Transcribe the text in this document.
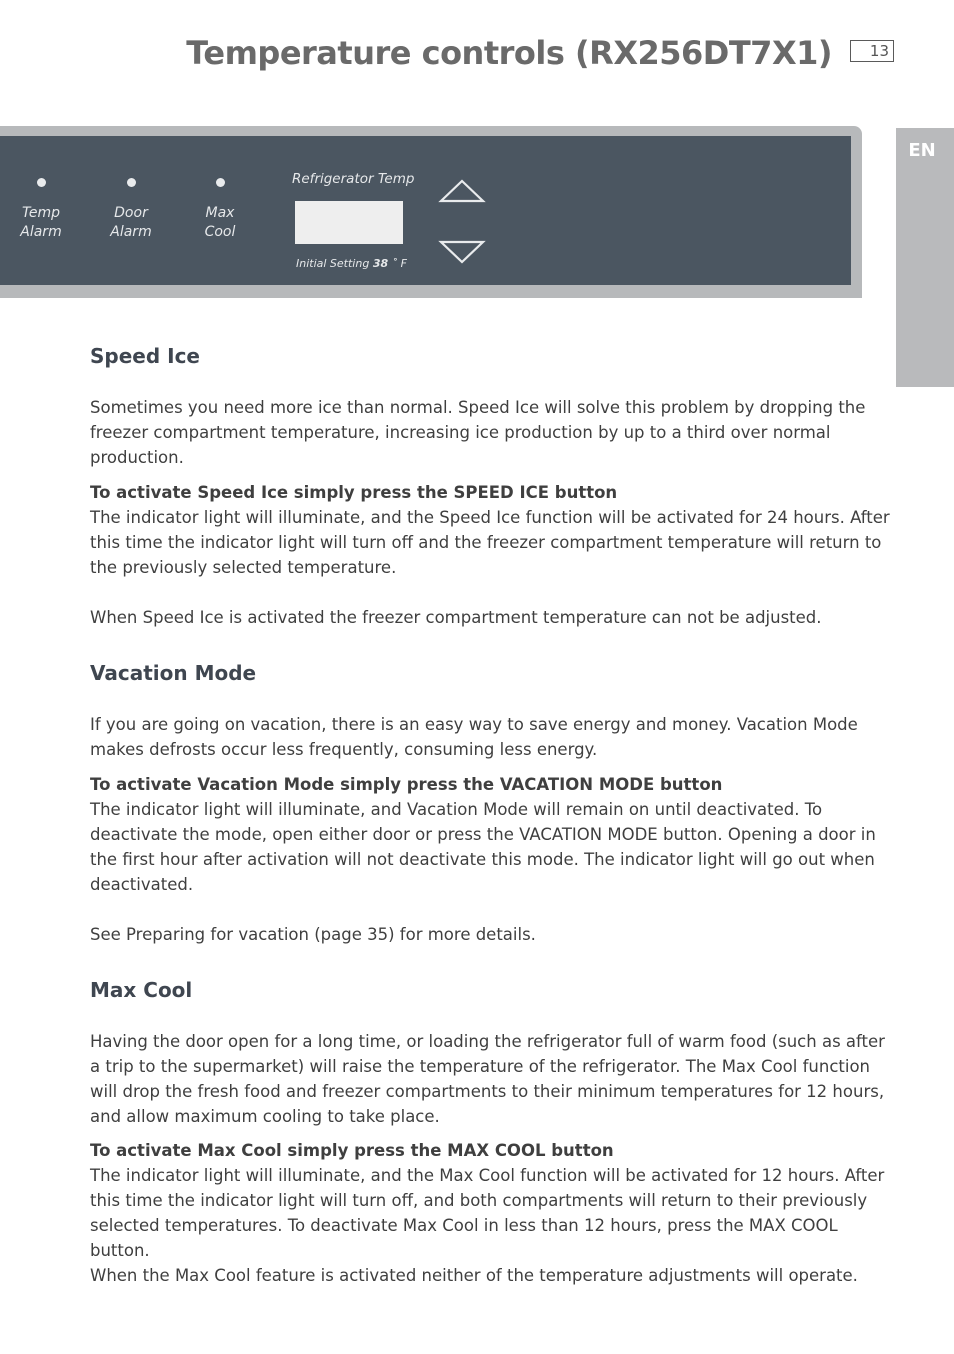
Temperature controls (RX256DT7X1)	13
EN
Temp
Alarm
Door
Alarm
Max
Cool
Refrigerator Temp
Initial Setting 38 ˚ F
Speed Ice

Sometimes you need more ice than normal. Speed Ice will solve this problem by dropping the freezer compartment temperature, increasing ice production by up to a third over normal production.

To activate Speed Ice simply press the SPEED ICE button

The indicator light will illuminate, and the Speed Ice function will be activated for 24 hours. After this time the indicator light will turn off and the freezer compartment temperature will return to the previously selected temperature.

When Speed Ice is activated the freezer compartment temperature can not be adjusted.

Vacation Mode

If you are going on vacation, there is an easy way to save energy and money. Vacation Mode makes defrosts occur less frequently, consuming less energy.

To activate Vacation Mode simply press the VACATION MODE button

The indicator light will illuminate, and Vacation Mode will remain on until deactivated. To deactivate the mode, open either door or press the VACATION MODE button. Opening a door in the first hour after activation will not deactivate this mode. The indicator light will go out when deactivated.

See Preparing for vacation (page 35) for more details.

Max Cool

Having the door open for a long time, or loading the refrigerator full of warm food (such as after a trip to the supermarket) will raise the temperature of the refrigerator. The Max Cool function will drop the fresh food and freezer compartments to their minimum temperatures for 12 hours, and allow maximum cooling to take place.

To activate Max Cool simply press the MAX COOL button

The indicator light will illuminate, and the Max Cool function will be activated for 12 hours. After this time the indicator light will turn off, and both compartments will return to their previously selected temperatures. To deactivate Max Cool in less than 12 hours, press the MAX COOL button.

When the Max Cool feature is activated neither of the temperature adjustments will operate.
